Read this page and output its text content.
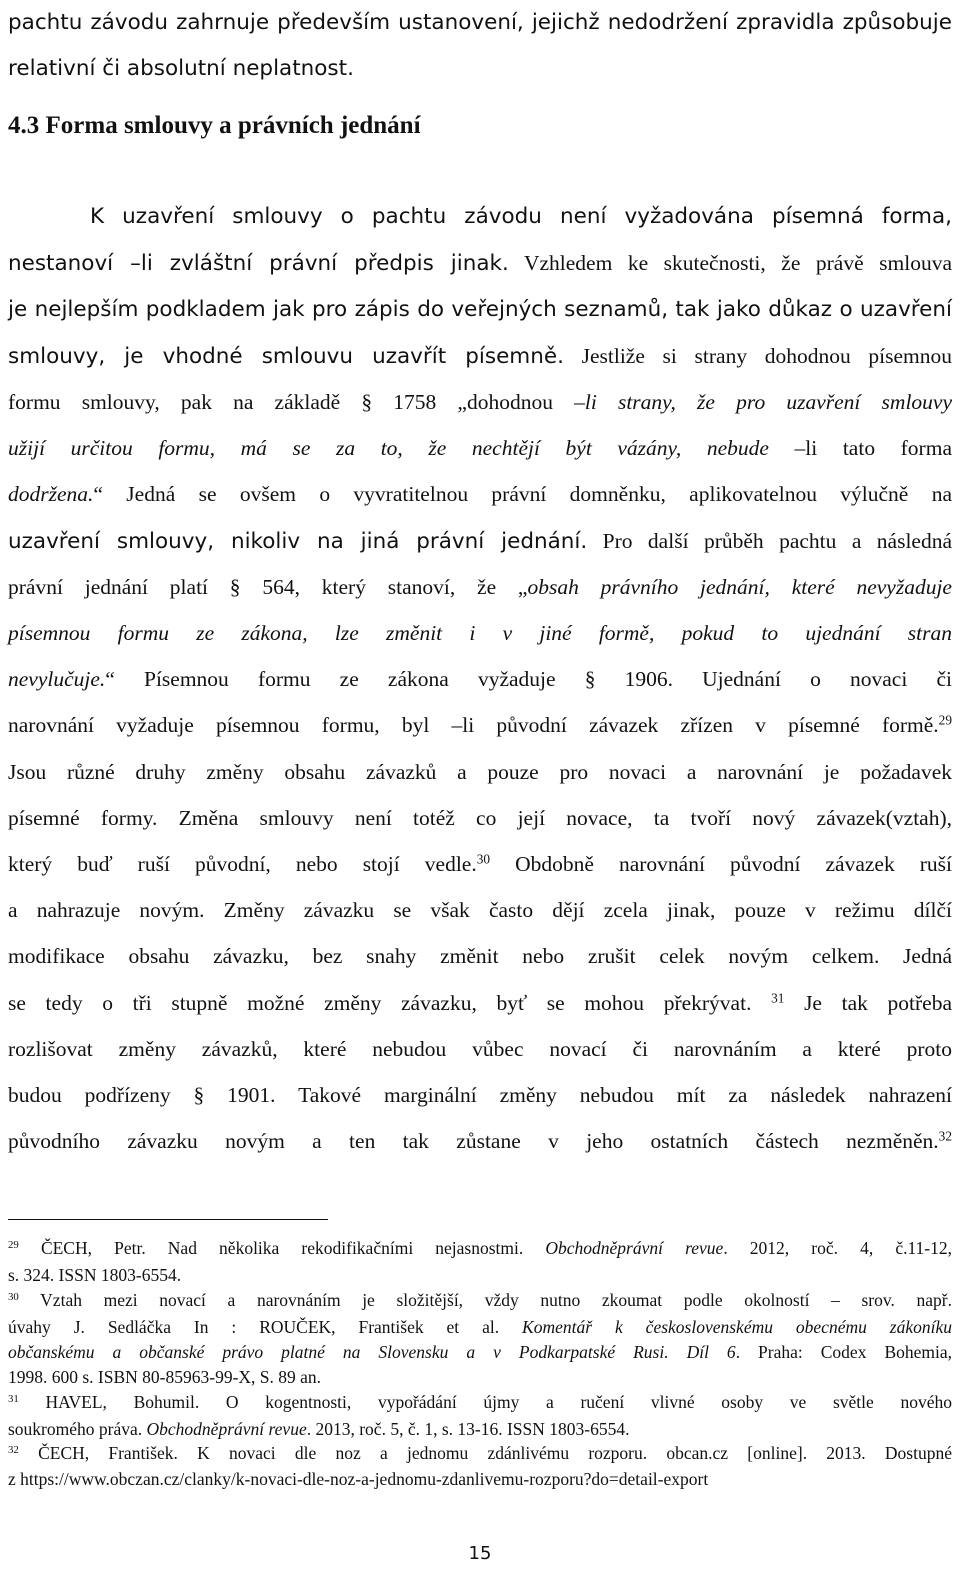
pachtu závodu zahrnuje především ustanovení, jejichž nedodržení zpravidla způsobuje
relativní či absolutní neplatnost.
4.3 Forma smlouvy a právních jednání
K uzavření smlouvy o pachtu závodu není vyžadována písemná forma,
nestanoví –li zvláštní právní předpis jinak. Vzhledem ke skutečnosti, že právě smlouva
je nejlepším podkladem jak pro zápis do veřejných seznamů, tak jako důkaz o uzavření
smlouvy, je vhodné smlouvu uzavřít písemně. Jestliže si strany dohodnou písemnou
formu smlouvy, pak na základě § 1758 „dohodnou –li strany, že pro uzavření smlouvy
užijí určitou formu, má se za to, že nechtějí být vázány, nebude –li tato forma
dodržena.“ Jedná se ovšem o vyvratitelnou právní domněnku, aplikovatelnou výlučně na
uzavření smlouvy, nikoliv na jiná právní jednání. Pro další průběh pachtu a následná
právní jednání platí § 564, který stanoví, že „obsah právního jednání, které nevyžaduje
písemnou formu ze zákona, lze změnit i v jiné formě, pokud to ujednání stran
nevylučuje.“ Písemnou formu ze zákona vyžaduje § 1906. Ujednání o novaci či
narovnání vyžaduje písemnou formu, byl –li původní závazek zřízen v písemné formě.$^{29}$
Jsou různé druhy změny obsahu závazků a pouze pro novaci a narovnání je požadavek
písemné formy. Změna smlouvy není totéž co její novace, ta tvoří nový závazek(vztah),
který buď ruší původní, nebo stojí vedle.$^{30}$ Obdobně narovnání původní závazek ruší
a nahrazuje novým. Změny závazku se však často dějí zcela jinak, pouze v režimu dílčí
modifikace obsahu závazku, bez snahy změnit nebo zrušit celek novým celkem. Jedná
se tedy o tři stupně možné změny závazku, byť se mohou překrývat. $^{31}$ Je tak potřeba
rozlišovat změny závazků, které nebudou vůbec novací či narovnáním a které proto
budou podřízeny § 1901. Takové marginální změny nebudou mít za následek nahrazení
původního závazku novým a ten tak zůstane v jeho ostatních částech nezměněn.$^{32}$
$^{29}$ ČECH, Petr. Nad několika rekodifikačními nejasnostmi. Obchodněprávní revue. 2012, roč. 4, č.11-12,
s. 324. ISSN 1803-6554.
$^{30}$ Vztah mezi novací a narovnáním je složitější, vždy nutno zkoumat podle okolností – srov. např.
úvahy J. Sedláčka In : ROUČEK, František et al. Komentář k československému obecnému zákoníku
občanskému a občanské právo platné na Slovensku a v Podkarpatské Rusi. Díl 6. Praha: Codex Bohemia,
1998. 600 s. ISBN 80-85963-99-X, S. 89 an.
$^{31}$ HAVEL, Bohumil. O kogentnosti, vypořádání újmy a ručení vlivné osoby ve světle nového
soukromého práva. Obchodněprávní revue. 2013, roč. 5, č. 1, s. 13-16. ISSN 1803-6554.
$^{32}$ ČECH, František. K novaci dle noz a jednomu zdánlivému rozporu. obcan.cz [online]. 2013. Dostupné
z https://www.obczan.cz/clanky/k-novaci-dle-noz-a-jednomu-zdanlivemu-rozporu?do=detail-export
15
